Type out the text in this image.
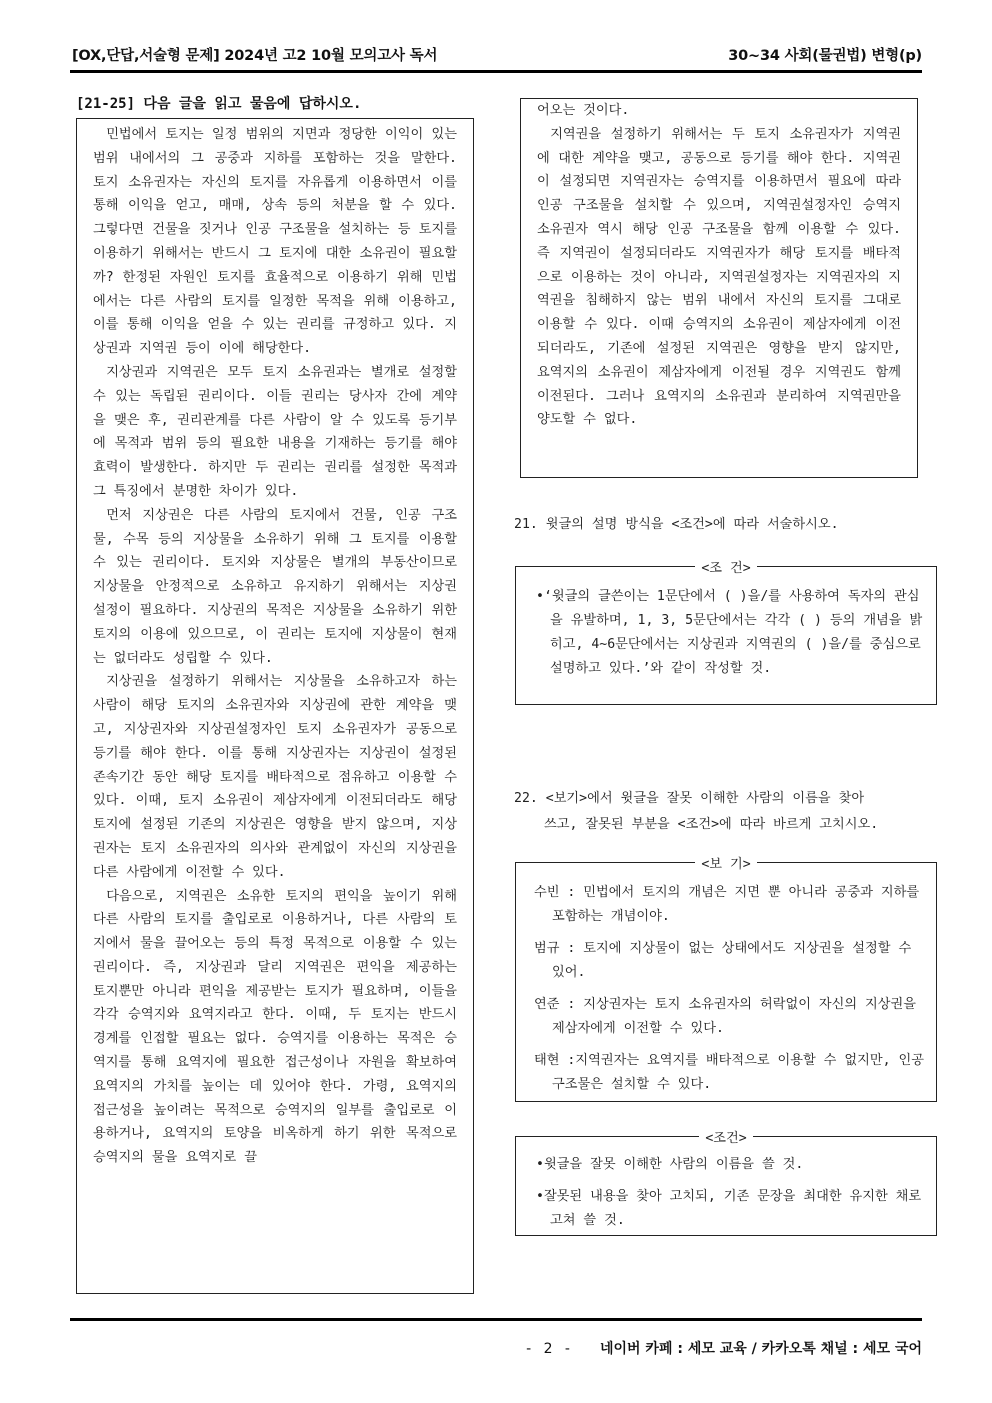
[OX,단답,서술형 문제] 2024년 고2 10월 모의고사 독서	30~34 사회(물권법) 변형(p)
[21-25] 다음 글을 읽고 물음에 답하시오.

민법에서 토지는 일정 범위의 지면과 정당한 이익이 있는 범위 내에서의 그 공중과 지하를 포함하는 것을 말한다. 토지 소유권자는 자신의 토지를 자유롭게 이용하면서 이를 통해 이익을 얻고, 매매, 상속 등의 처분을 할 수 있다. 그렇다면 건물을 짓거나 인공 구조물을 설치하는 등 토지를 이용하기 위해서는 반드시 그 토지에 대한 소유권이 필요할까? 한정된 자원인 토지를 효율적으로 이용하기 위해 민법에서는 다른 사람의 토지를 일정한 목적을 위해 이용하고, 이를 통해 이익을 얻을 수 있는 권리를 규정하고 있다. 지상권과 지역권 등이 이에 해당한다.

지상권과 지역권은 모두 토지 소유권과는 별개로 설정할 수 있는 독립된 권리이다. 이들 권리는 당사자 간에 계약을 맺은 후, 권리관계를 다른 사람이 알 수 있도록 등기부에 목적과 범위 등의 필요한 내용을 기재하는 등기를 해야 효력이 발생한다. 하지만 두 권리는 권리를 설정한 목적과 그 특징에서 분명한 차이가 있다.

먼저 지상권은 다른 사람의 토지에서 건물, 인공 구조물, 수목 등의 지상물을 소유하기 위해 그 토지를 이용할 수 있는 권리이다. 토지와 지상물은 별개의 부동산이므로 지상물을 안정적으로 소유하고 유지하기 위해서는 지상권 설정이 필요하다. 지상권의 목적은 지상물을 소유하기 위한 토지의 이용에 있으므로, 이 권리는 토지에 지상물이 현재는 없더라도 성립할 수 있다.

지상권을 설정하기 위해서는 지상물을 소유하고자 하는 사람이 해당 토지의 소유권자와 지상권에 관한 계약을 맺고, 지상권자와 지상권설정자인 토지 소유권자가 공동으로 등기를 해야 한다. 이를 통해 지상권자는 지상권이 설정된 존속기간 동안 해당 토지를 배타적으로 점유하고 이용할 수 있다. 이때, 토지 소유권이 제삼자에게 이전되더라도 해당 토지에 설정된 기존의 지상권은 영향을 받지 않으며, 지상권자는 토지 소유권자의 의사와 관계없이 자신의 지상권을 다른 사람에게 이전할 수 있다.

다음으로, 지역권은 소유한 토지의 편익을 높이기 위해 다른 사람의 토지를 출입로로 이용하거나, 다른 사람의 토지에서 물을 끌어오는 등의 특정 목적으로 이용할 수 있는 권리이다. 즉, 지상권과 달리 지역권은 편익을 제공하는 토지뿐만 아니라 편익을 제공받는 토지가 필요하며, 이들을 각각 승역지와 요역지라고 한다. 이때, 두 토지는 반드시 경계를 인접할 필요는 없다. 승역지를 이용하는 목적은 승역지를 통해 요역지에 필요한 접근성이나 자원을 확보하여 요역지의 가치를 높이는 데 있어야 한다. 가령, 요역지의 접근성을 높이려는 목적으로 승역지의 일부를 출입로로 이용하거나, 요역지의 토양을 비옥하게 하기 위한 목적으로 승역지의 물을 요역지로 끌

어오는 것이다.

지역권을 설정하기 위해서는 두 토지 소유권자가 지역권에 대한 계약을 맺고, 공동으로 등기를 해야 한다. 지역권이 설정되면 지역권자는 승역지를 이용하면서 필요에 따라 인공 구조물을 설치할 수 있으며, 지역권설정자인 승역지 소유권자 역시 해당 인공 구조물을 함께 이용할 수 있다. 즉 지역권이 설정되더라도 지역권자가 해당 토지를 배타적으로 이용하는 것이 아니라, 지역권설정자는 지역권자의 지역권을 침해하지 않는 범위 내에서 자신의 토지를 그대로 이용할 수 있다. 이때 승역지의 소유권이 제삼자에게 이전되더라도, 기존에 설정된 지역권은 영향을 받지 않지만, 요역지의 소유권이 제삼자에게 이전될 경우 지역권도 함께 이전된다. 그러나 요역지의 소유권과 분리하여 지역권만을 양도할 수 없다.

21. 윗글의 설명 방식을 <조건>에 따라 서술하시오.
<조 건>

•‘윗글의 글쓴이는 1문단에서 ( )을/를 사용하여 독자의 관심을 유발하며, 1, 3, 5문단에서는 각각 ( ) 등의 개념을 밝히고, 4~6문단에서는 지상권과 지역권의 ( )을/를 중심으로 설명하고 있다.’와 같이 작성할 것.

22. <보기>에서 윗글을 잘못 이해한 사람의 이름을 찾아
쓰고, 잘못된 부분을 <조건>에 따라 바르게 고치시오.
<보 기>

수빈 : 민법에서 토지의 개념은 지면 뿐 아니라 공중과 지하를 포함하는 개념이야.

범규 : 토지에 지상물이 없는 상태에서도 지상권을 설정할 수 있어.

연준 : 지상권자는 토지 소유권자의 허락없이 자신의 지상권을 제삼자에게 이전할 수 있다.

태현 :지역권자는 요역지를 배타적으로 이용할 수 없지만, 인공 구조물은 설치할 수 있다.

<조건>

•윗글을 잘못 이해한 사람의 이름을 쓸 것.

•잘못된 내용을 찾아 고치되, 기존 문장을 최대한 유지한 채로 고쳐 쓸 것.

- 2 - 네이버 카페 : 세모 교육 / 카카오톡 채널 : 세모 국어
